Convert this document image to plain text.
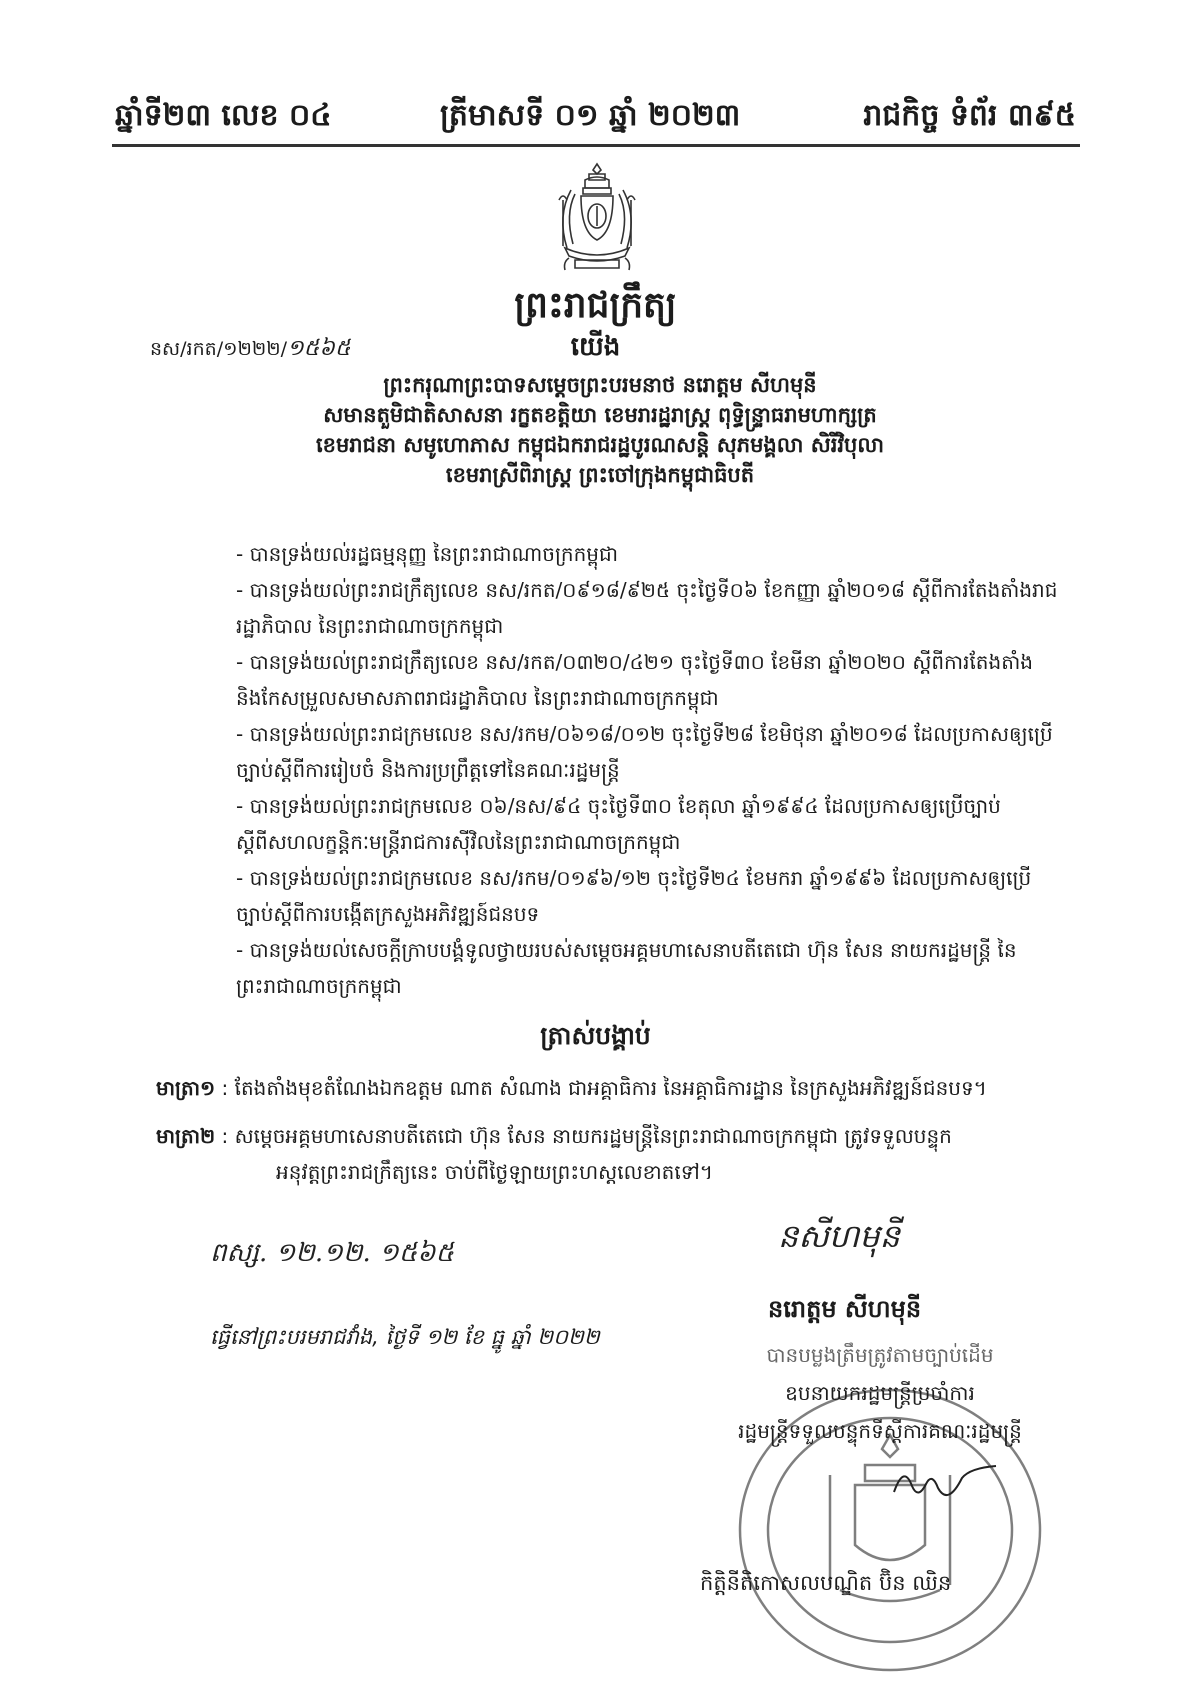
ឆ្នាំទី២៣ លេខ ០៤	ត្រីមាសទី ០១ ឆ្នាំ ២០២៣	រាជកិច្ច ទំព័រ ៣៩៥
ព្រះរាជក្រឹត្យ
នស/រកត/១២២២/១៥៦៥	យើង
ព្រះករុណាព្រះបាទសម្តេចព្រះបរមនាថ នរោត្តម សីហមុនី
សមានតួមិជាតិសាសនា រក្ខតខត្តិយា ខេមរារដ្ឋរាស្ត្រ ពុទ្ធិន្ទ្រាធរាមហាក្សត្រ
ខេមរាជនា សមូហោភាស កម្ពុជឯករាជរដ្ឋបូរណសន្តិ សុភមង្គលា សិរីវិបុលា
ខេមរាស្រីពិរាស្ត្រ ព្រះចៅក្រុងកម្ពុជាធិបតី
- បានទ្រង់យល់រដ្ឋធម្មនុញ្ញ នៃព្រះរាជាណាចក្រកម្ពុជា
- បានទ្រង់យល់ព្រះរាជក្រឹត្យលេខ នស/រកត/០៩១៨/៩២៥ ចុះថ្ងៃទី០៦ ខែកញ្ញា ឆ្នាំ២០១៨ ស្តីពីការតែងតាំងរាជរដ្ឋាភិបាល នៃព្រះរាជាណាចក្រកម្ពុជា
- បានទ្រង់យល់ព្រះរាជក្រឹត្យលេខ នស/រកត/០៣២០/៤២១ ចុះថ្ងៃទី៣០ ខែមីនា ឆ្នាំ២០២០ ស្តីពីការតែងតាំង និងកែសម្រួលសមាសភាពរាជរដ្ឋាភិបាល នៃព្រះរាជាណាចក្រកម្ពុជា
- បានទ្រង់យល់ព្រះរាជក្រមលេខ នស/រកម/០៦១៨/០១២ ចុះថ្ងៃទី២៨ ខែមិថុនា ឆ្នាំ២០១៨ ដែលប្រកាសឲ្យប្រើច្បាប់ស្តីពីការរៀបចំ និងការប្រព្រឹត្តទៅនៃគណៈរដ្ឋមន្ត្រី
- បានទ្រង់យល់ព្រះរាជក្រមលេខ ០៦/នស/៩៤ ចុះថ្ងៃទី៣០ ខែតុលា ឆ្នាំ១៩៩៤ ដែលប្រកាសឲ្យប្រើច្បាប់ស្តីពីសហលក្ខន្តិកៈមន្ត្រីរាជការស៊ីវិលនៃព្រះរាជាណាចក្រកម្ពុជា
- បានទ្រង់យល់ព្រះរាជក្រមលេខ នស/រកម/០១៩៦/១២ ចុះថ្ងៃទី២៤ ខែមករា ឆ្នាំ១៩៩៦ ដែលប្រកាសឲ្យប្រើច្បាប់ស្តីពីការបង្កើតក្រសួងអភិវឌ្ឍន៍ជនបទ
- បានទ្រង់យល់សេចក្តីក្រាបបង្គំទូលថ្វាយរបស់សម្តេចអគ្គមហាសេនាបតីតេជោ ហ៊ុន សែន នាយករដ្ឋមន្ត្រី នៃព្រះរាជាណាចក្រកម្ពុជា
ត្រាស់បង្គាប់
មាត្រា១ : តែងតាំងមុខតំណែងឯកឧត្តម ណាត សំណាង ជាអគ្គាធិការ នៃអគ្គាធិការដ្ឋាន នៃក្រសួងអភិវឌ្ឍន៍ជនបទ។
មាត្រា២ : សម្តេចអគ្គមហាសេនាបតីតេជោ ហ៊ុន សែន នាយករដ្ឋមន្ត្រីនៃព្រះរាជាណាចក្រកម្ពុជា ត្រូវទទួលបន្ទុក
អនុវត្តព្រះរាជក្រឹត្យនេះ ចាប់ពីថ្ងៃឡាយព្រះហស្តលេខាតទៅ។
ពស្ស. ១២.១២. ១៥៦៥	នសីហមុនី
ធ្វើនៅព្រះបរមរាជវាំង, ថ្ងៃទី ១២ ខែ ធ្នូ ឆ្នាំ ២០២២
នរោត្តម សីហមុនី
បានបម្លងត្រឹមត្រូវតាមច្បាប់ដើម
ឧបនាយករដ្ឋមន្ត្រីប្រចាំការ
រដ្ឋមន្ត្រីទទួលបន្ទុកទីស្តីការគណៈរដ្ឋមន្ត្រី
កិត្តិនីតិកោសលបណ្ឌិត ប៊ិន ឈិន
